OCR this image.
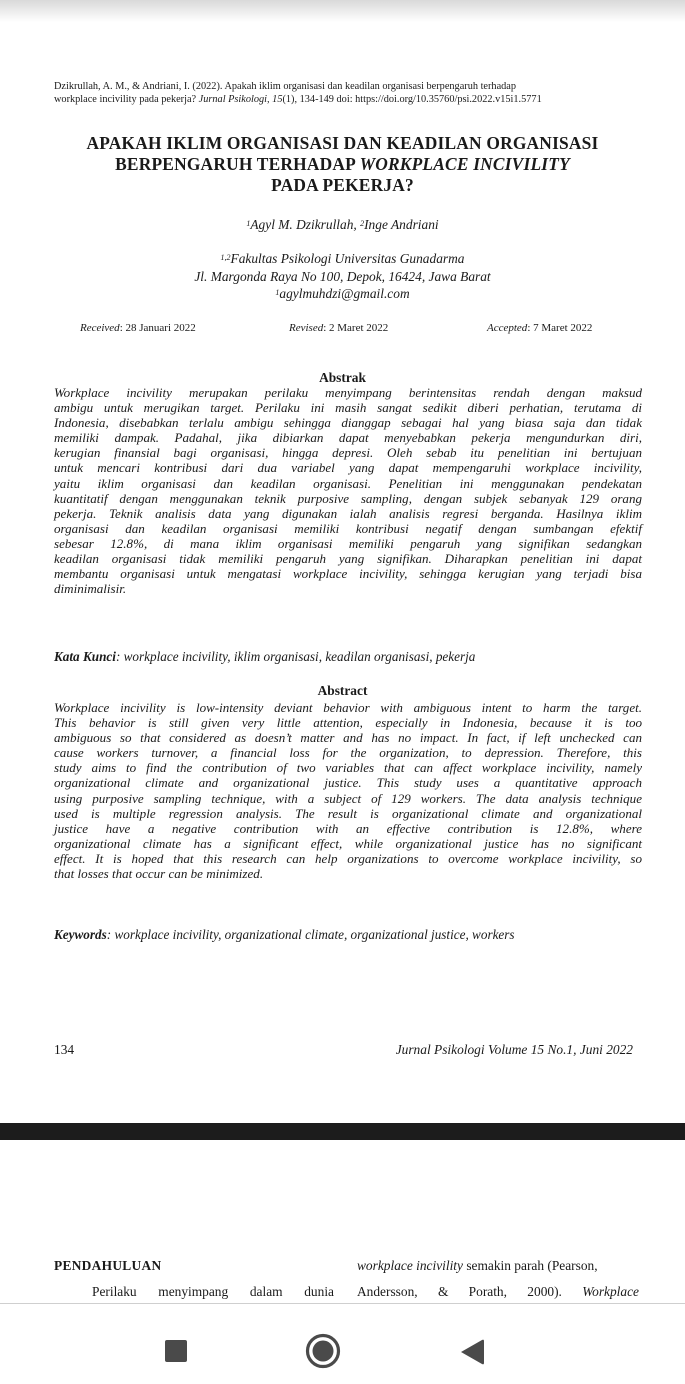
Dzikrullah, A. M., & Andriani, I. (2022). Apakah iklim organisasi dan keadilan organisasi berpengaruh terhadap
workplace incivility pada pekerja? Jurnal Psikologi, 15(1), 134-149 doi: https://doi.org/10.35760/psi.2022.v15i1.5771
APAKAH IKLIM ORGANISASI DAN KEADILAN ORGANISASI
BERPENGARUH TERHADAP WORKPLACE INCIVILITY
PADA PEKERJA?
$^1$Agyl M. Dzikrullah, $^2$Inge Andriani
$^{1,2}$Fakultas Psikologi Universitas Gunadarma
Jl. Margonda Raya No 100, Depok, 16424, Jawa Barat
$^1$agylmuhdzi@gmail.com
Received: 28 Januari 2022	Revised: 2 Maret 2022	Accepted: 7 Maret 2022
Abstrak
Workplace incivility merupakan perilaku menyimpang berintensitas rendah dengan maksud
ambigu untuk merugikan target. Perilaku ini masih sangat sedikit diberi perhatian, terutama di
Indonesia, disebabkan terlalu ambigu sehingga dianggap sebagai hal yang biasa saja dan tidak
memiliki dampak. Padahal, jika dibiarkan dapat menyebabkan pekerja mengundurkan diri,
kerugian finansial bagi organisasi, hingga depresi. Oleh sebab itu penelitian ini bertujuan
untuk mencari kontribusi dari dua variabel yang dapat mempengaruhi workplace incivility,
yaitu iklim organisasi dan keadilan organisasi. Penelitian ini menggunakan pendekatan
kuantitatif dengan menggunakan teknik purposive sampling, dengan subjek sebanyak 129 orang
pekerja. Teknik analisis data yang digunakan ialah analisis regresi berganda. Hasilnya iklim
organisasi dan keadilan organisasi memiliki kontribusi negatif dengan sumbangan efektif
sebesar 12.8%, di mana iklim organisasi memiliki pengaruh yang signifikan sedangkan
keadilan organisasi tidak memiliki pengaruh yang signifikan. Diharapkan penelitian ini dapat
membantu organisasi untuk mengatasi workplace incivility, sehingga kerugian yang terjadi bisa
diminimalisir.
Kata Kunci: workplace incivility, iklim organisasi, keadilan organisasi, pekerja
Abstract
Workplace incivility is low-intensity deviant behavior with ambiguous intent to harm the target.
This behavior is still given very little attention, especially in Indonesia, because it is too
ambiguous so that considered as doesn’t matter and has no impact. In fact, if left unchecked can
cause workers turnover, a financial loss for the organization, to depression. Therefore, this
study aims to find the contribution of two variables that can affect workplace incivility, namely
organizational climate and organizational justice. This study uses a quantitative approach
using purposive sampling technique, with a subject of 129 workers. The data analysis technique
used is multiple regression analysis. The result is organizational climate and organizational
justice have a negative contribution with an effective contribution is 12.8%, where
organizational climate has a significant effect, while organizational justice has no significant
effect. It is hoped that this research can help organizations to overcome workplace incivility, so
that losses that occur can be minimized.
Keywords: workplace incivility, organizational climate, organizational justice, workers
134	Jurnal Psikologi Volume 15 No.1, Juni 2022
PENDAHULUAN
Perilaku menyimpang dalam dunia
workplace incivility semakin parah (Pearson,
Andersson, & Porath, 2000). Workplace
